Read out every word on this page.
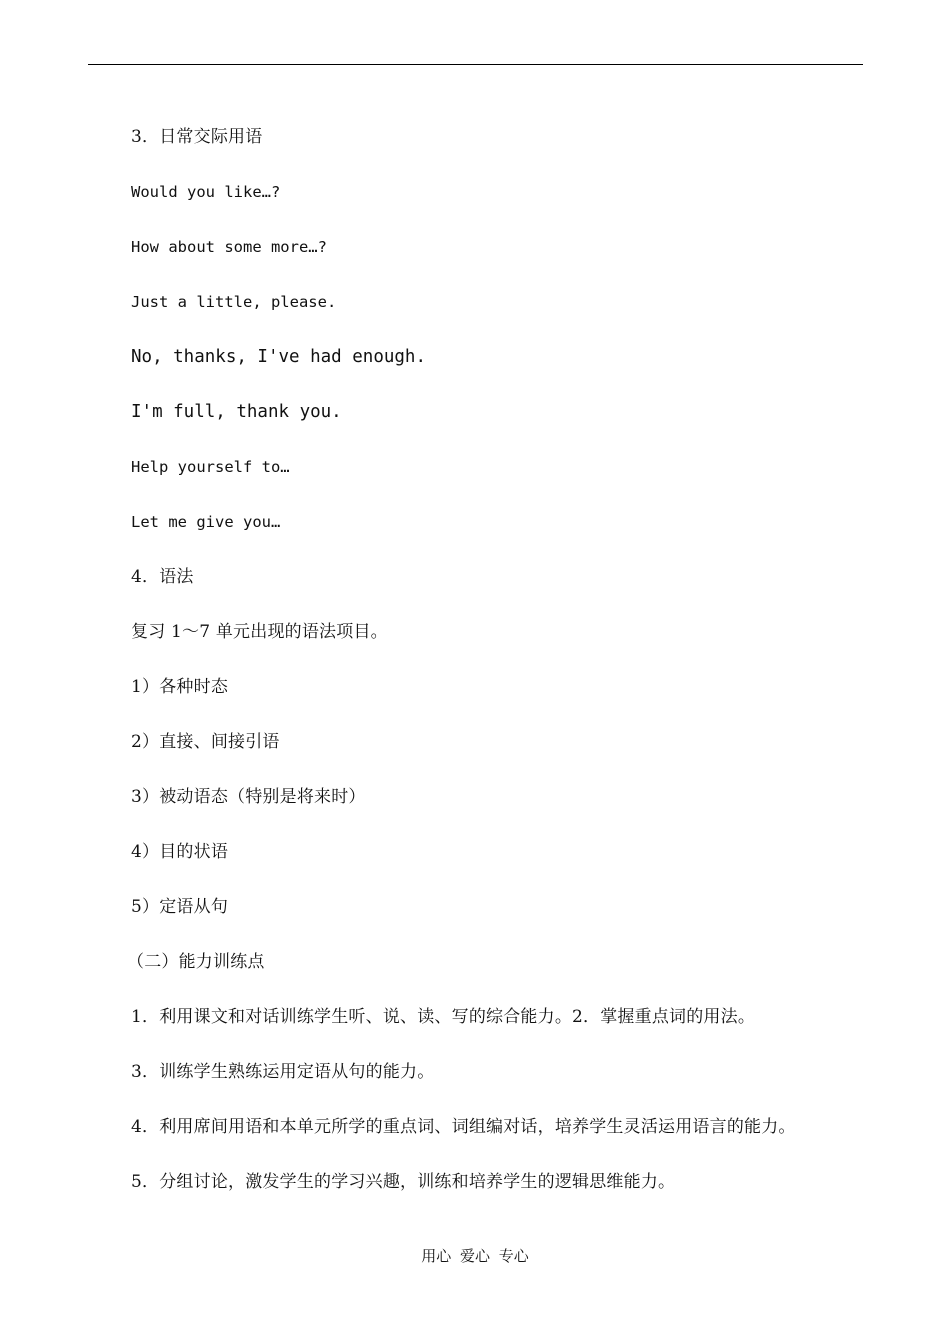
3．日常交际用语
Would you like…?
How about some more…?
Just a little, please.
No, thanks, I've had enough.
I'm full, thank you.
Help yourself to…
Let me give you…
4．语法
复习 1～7 单元出现的语法项目。
1）各种时态
2）直接、间接引语
3）被动语态（特别是将来时）
4）目的状语
5）定语从句
（二）能力训练点
1．利用课文和对话训练学生听、说、读、写的综合能力。2．掌握重点词的用法。
3．训练学生熟练运用定语从句的能力。
4．利用席间用语和本单元所学的重点词、词组编对话，培养学生灵活运用语言的能力。
5．分组讨论，激发学生的学习兴趣，训练和培养学生的逻辑思维能力。
用心 爱心 专心
